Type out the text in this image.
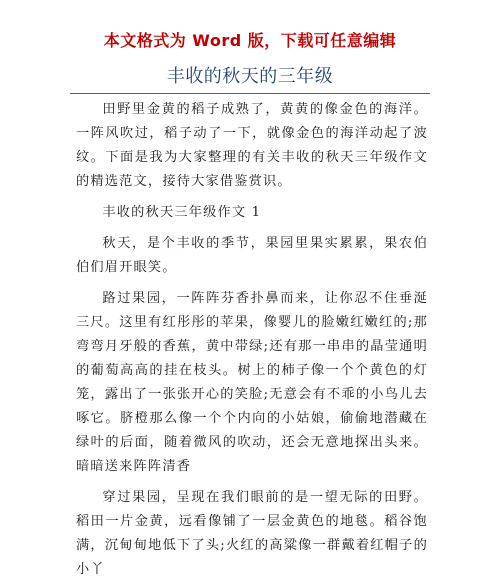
本文格式为 Word 版，下载可任意编辑
丰收的秋天的三年级

田野里金黄的稻子成熟了，黄黄的像金色的海洋。一阵风吹过，稻子动了一下，就像金色的海洋动起了波纹。下面是我为大家整理的有关丰收的秋天三年级作文的精选范文，接待大家借鉴赏识。

丰收的秋天三年级作文 1

秋天，是个丰收的季节，果园里果实累累，果农伯伯们眉开眼笑。

路过果园，一阵阵芬香扑鼻而来，让你忍不住垂涎三尺。这里有红彤彤的苹果，像婴儿的脸嫩红嫩红的;那弯弯月牙般的香蕉，黄中带绿;还有那一串串的晶莹通明的葡萄高高的挂在枝头。树上的柿子像一个个黄色的灯笼，露出了一张张开心的笑脸;无意会有不乖的小鸟儿去啄它。脐橙那么像一个个内向的小姑娘，偷偷地潜藏在绿叶的后面，随着微风的吹动，还会无意地探出头来。暗暗送来阵阵清香

穿过果园，呈现在我们眼前的是一望无际的田野。稻田一片金黄，远看像铺了一层金黄色的地毯。稻谷饱满，沉甸甸地低下了头;火红的高粱像一群戴着红帽子的小丫
